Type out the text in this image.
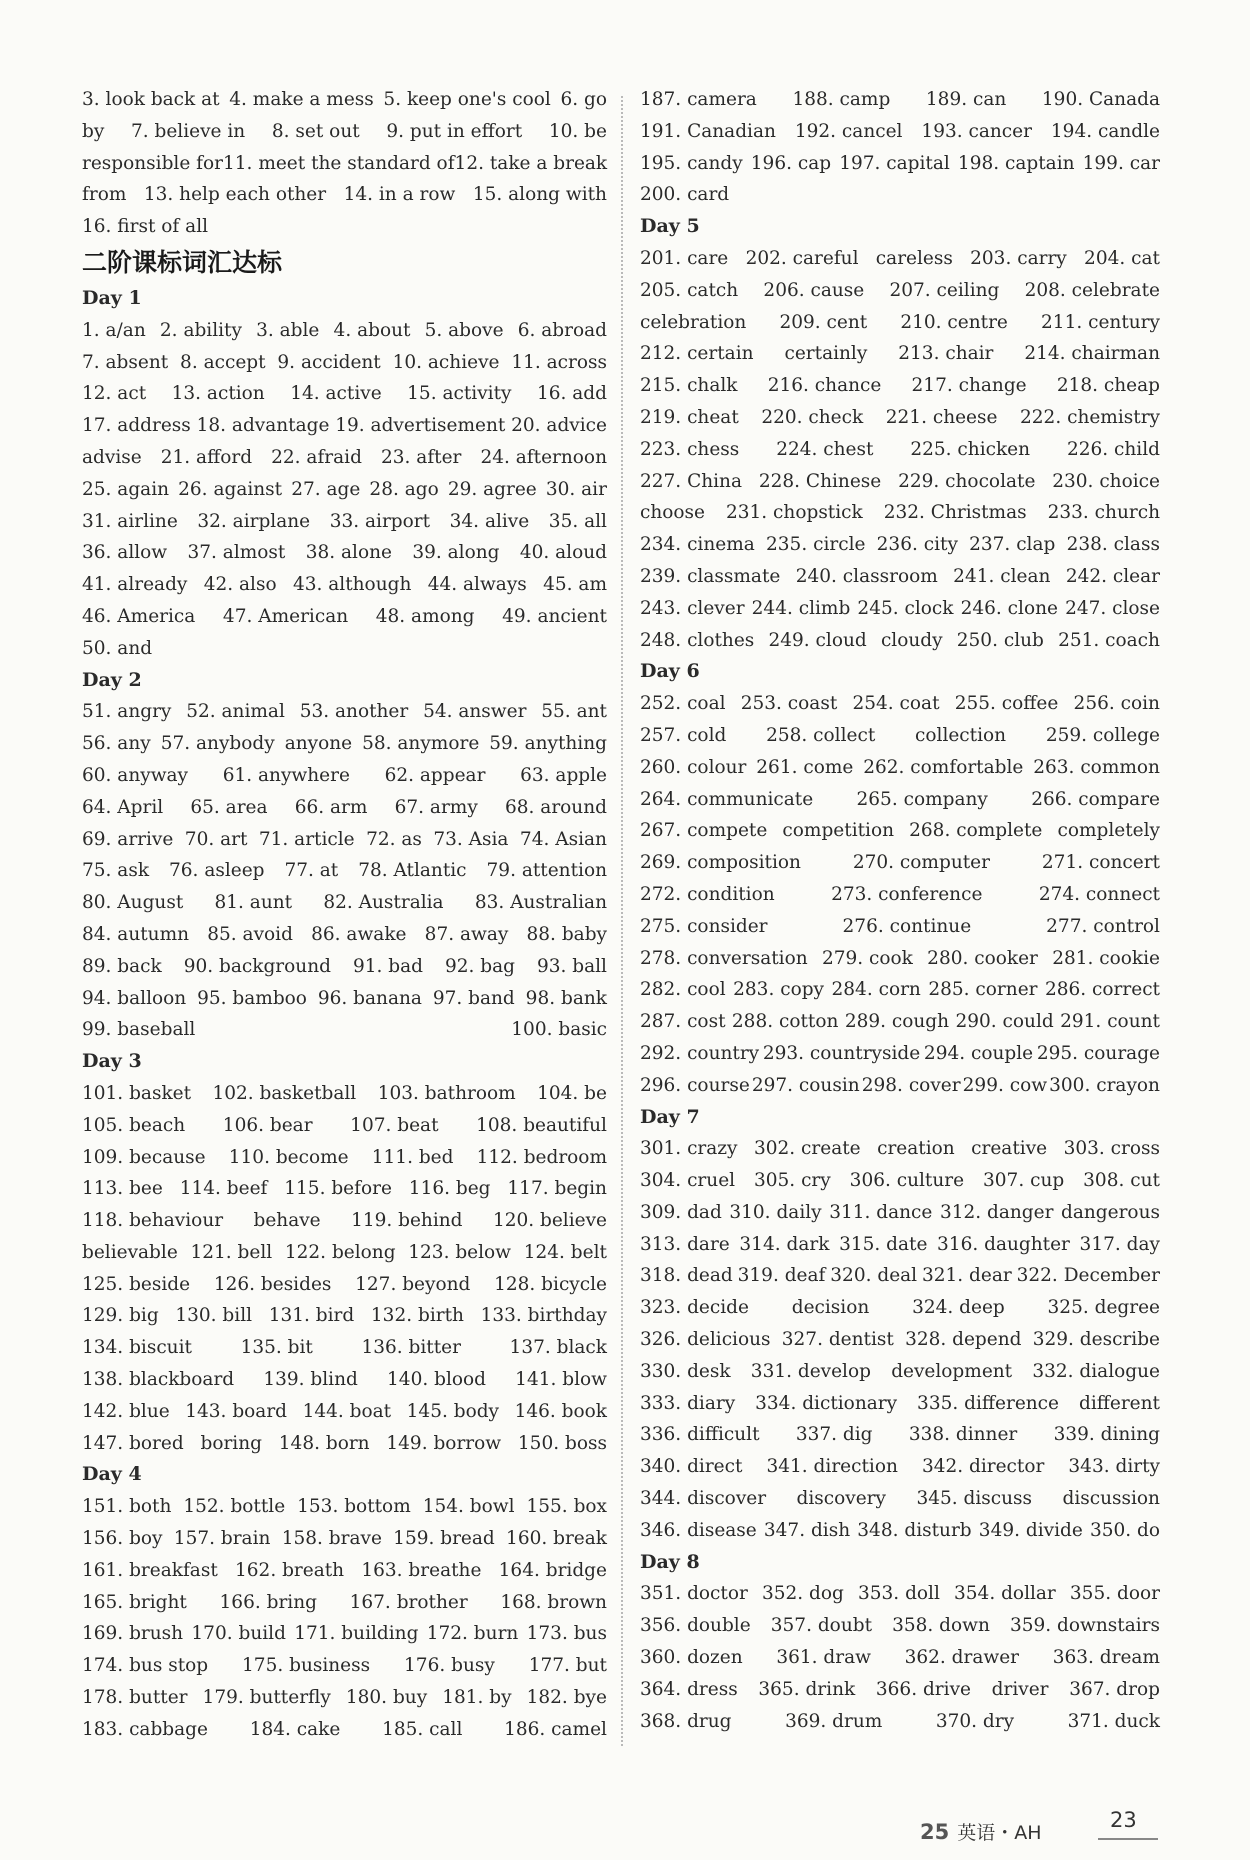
3. look back at 4. make a mess 5. keep one's cool 6. go
by 7. believe in 8. set out 9. put in effort 10. be
responsible for 11. meet the standard of 12. take a break
from 13. help each other 14. in a row 15. along with
16. first of all
二阶课标词汇达标
Day 1
1. a/an 2. ability 3. able 4. about 5. above 6. abroad
7. absent 8. accept 9. accident 10. achieve 11. across
12. act 13. action 14. active 15. activity 16. add
17. address 18. advantage 19. advertisement 20. advice
advise 21. afford 22. afraid 23. after 24. afternoon
25. again 26. against 27. age 28. ago 29. agree 30. air
31. airline 32. airplane 33. airport 34. alive 35. all
36. allow 37. almost 38. alone 39. along 40. aloud
41. already 42. also 43. although 44. always 45. am
46. America 47. American 48. among 49. ancient
50. and
Day 2
51. angry 52. animal 53. another 54. answer 55. ant
56. any 57. anybody anyone 58. anymore 59. anything
60. anyway 61. anywhere 62. appear 63. apple
64. April 65. area 66. arm 67. army 68. around
69. arrive 70. art 71. article 72. as 73. Asia 74. Asian
75. ask 76. asleep 77. at 78. Atlantic 79. attention
80. August 81. aunt 82. Australia 83. Australian
84. autumn 85. avoid 86. awake 87. away 88. baby
89. back 90. background 91. bad 92. bag 93. ball
94. balloon 95. bamboo 96. banana 97. band 98. bank
99. baseball	100. basic
Day 3
101. basket 102. basketball 103. bathroom 104. be
105. beach 106. bear 107. beat 108. beautiful
109. because 110. become 111. bed 112. bedroom
113. bee 114. beef 115. before 116. beg 117. begin
118. behaviour behave 119. behind 120. believe
believable 121. bell 122. belong 123. below 124. belt
125. beside 126. besides 127. beyond 128. bicycle
129. big 130. bill 131. bird 132. birth 133. birthday
134. biscuit	135. bit	136. bitter	137. black
138. blackboard 139. blind 140. blood 141. blow
142. blue 143. board 144. boat 145. body 146. book
147. bored boring 148. born 149. borrow 150. boss
Day 4
151. both 152. bottle 153. bottom 154. bowl 155. box
156. boy 157. brain 158. brave 159. bread 160. break
161. breakfast 162. breath 163. breathe 164. bridge
165. bright 166. bring 167. brother 168. brown
169. brush 170. build 171. building 172. burn 173. bus
174. bus stop 175. business 176. busy 177. but
178. butter 179. butterfly 180. buy 181. by 182. bye
183. cabbage 184. cake 185. call 186. camel
187. camera 188. camp 189. can 190. Canada
191. Canadian 192. cancel 193. cancer 194. candle
195. candy 196. cap 197. capital 198. captain 199. car
200. card
Day 5
201. care 202. careful careless 203. carry 204. cat
205. catch 206. cause 207. ceiling 208. celebrate
celebration 209. cent 210. centre 211. century
212. certain certainly 213. chair 214. chairman
215. chalk 216. chance 217. change 218. cheap
219. cheat 220. check 221. cheese 222. chemistry
223. chess 224. chest 225. chicken 226. child
227. China 228. Chinese 229. chocolate 230. choice
choose 231. chopstick 232. Christmas 233. church
234. cinema 235. circle 236. city 237. clap 238. class
239. classmate 240. classroom 241. clean 242. clear
243. clever 244. climb 245. clock 246. clone 247. close
248. clothes 249. cloud cloudy 250. club 251. coach
Day 6
252. coal 253. coast 254. coat 255. coffee 256. coin
257. cold 258. collect collection 259. college
260. colour 261. come 262. comfortable 263. common
264. communicate 265. company 266. compare
267. compete competition 268. complete completely
269. composition	270. computer	271. concert
272. condition	273. conference	274. connect
275. consider	276. continue	277. control
278. conversation 279. cook 280. cooker 281. cookie
282. cool 283. copy 284. corn 285. corner 286. correct
287. cost 288. cotton 289. cough 290. could 291. count
292. country 293. countryside 294. couple 295. courage
296. course 297. cousin 298. cover 299. cow 300. crayon
Day 7
301. crazy 302. create creation creative 303. cross
304. cruel 305. cry 306. culture 307. cup 308. cut
309. dad 310. daily 311. dance 312. danger dangerous
313. dare 314. dark 315. date 316. daughter 317. day
318. dead 319. deaf 320. deal 321. dear 322. December
323. decide decision 324. deep 325. degree
326. delicious 327. dentist 328. depend 329. describe
330. desk 331. develop development 332. dialogue
333. diary 334. dictionary 335. difference different
336. difficult 337. dig 338. dinner 339. dining
340. direct 341. direction 342. director 343. dirty
344. discover discovery 345. discuss discussion
346. disease 347. dish 348. disturb 349. divide 350. do
Day 8
351. doctor 352. dog 353. doll 354. dollar 355. door
356. double 357. doubt 358. down 359. downstairs
360. dozen 361. draw 362. drawer 363. dream
364. dress 365. drink 366. drive driver 367. drop
368. drug	369. drum	370. dry	371. duck
25 英语・AH
23
